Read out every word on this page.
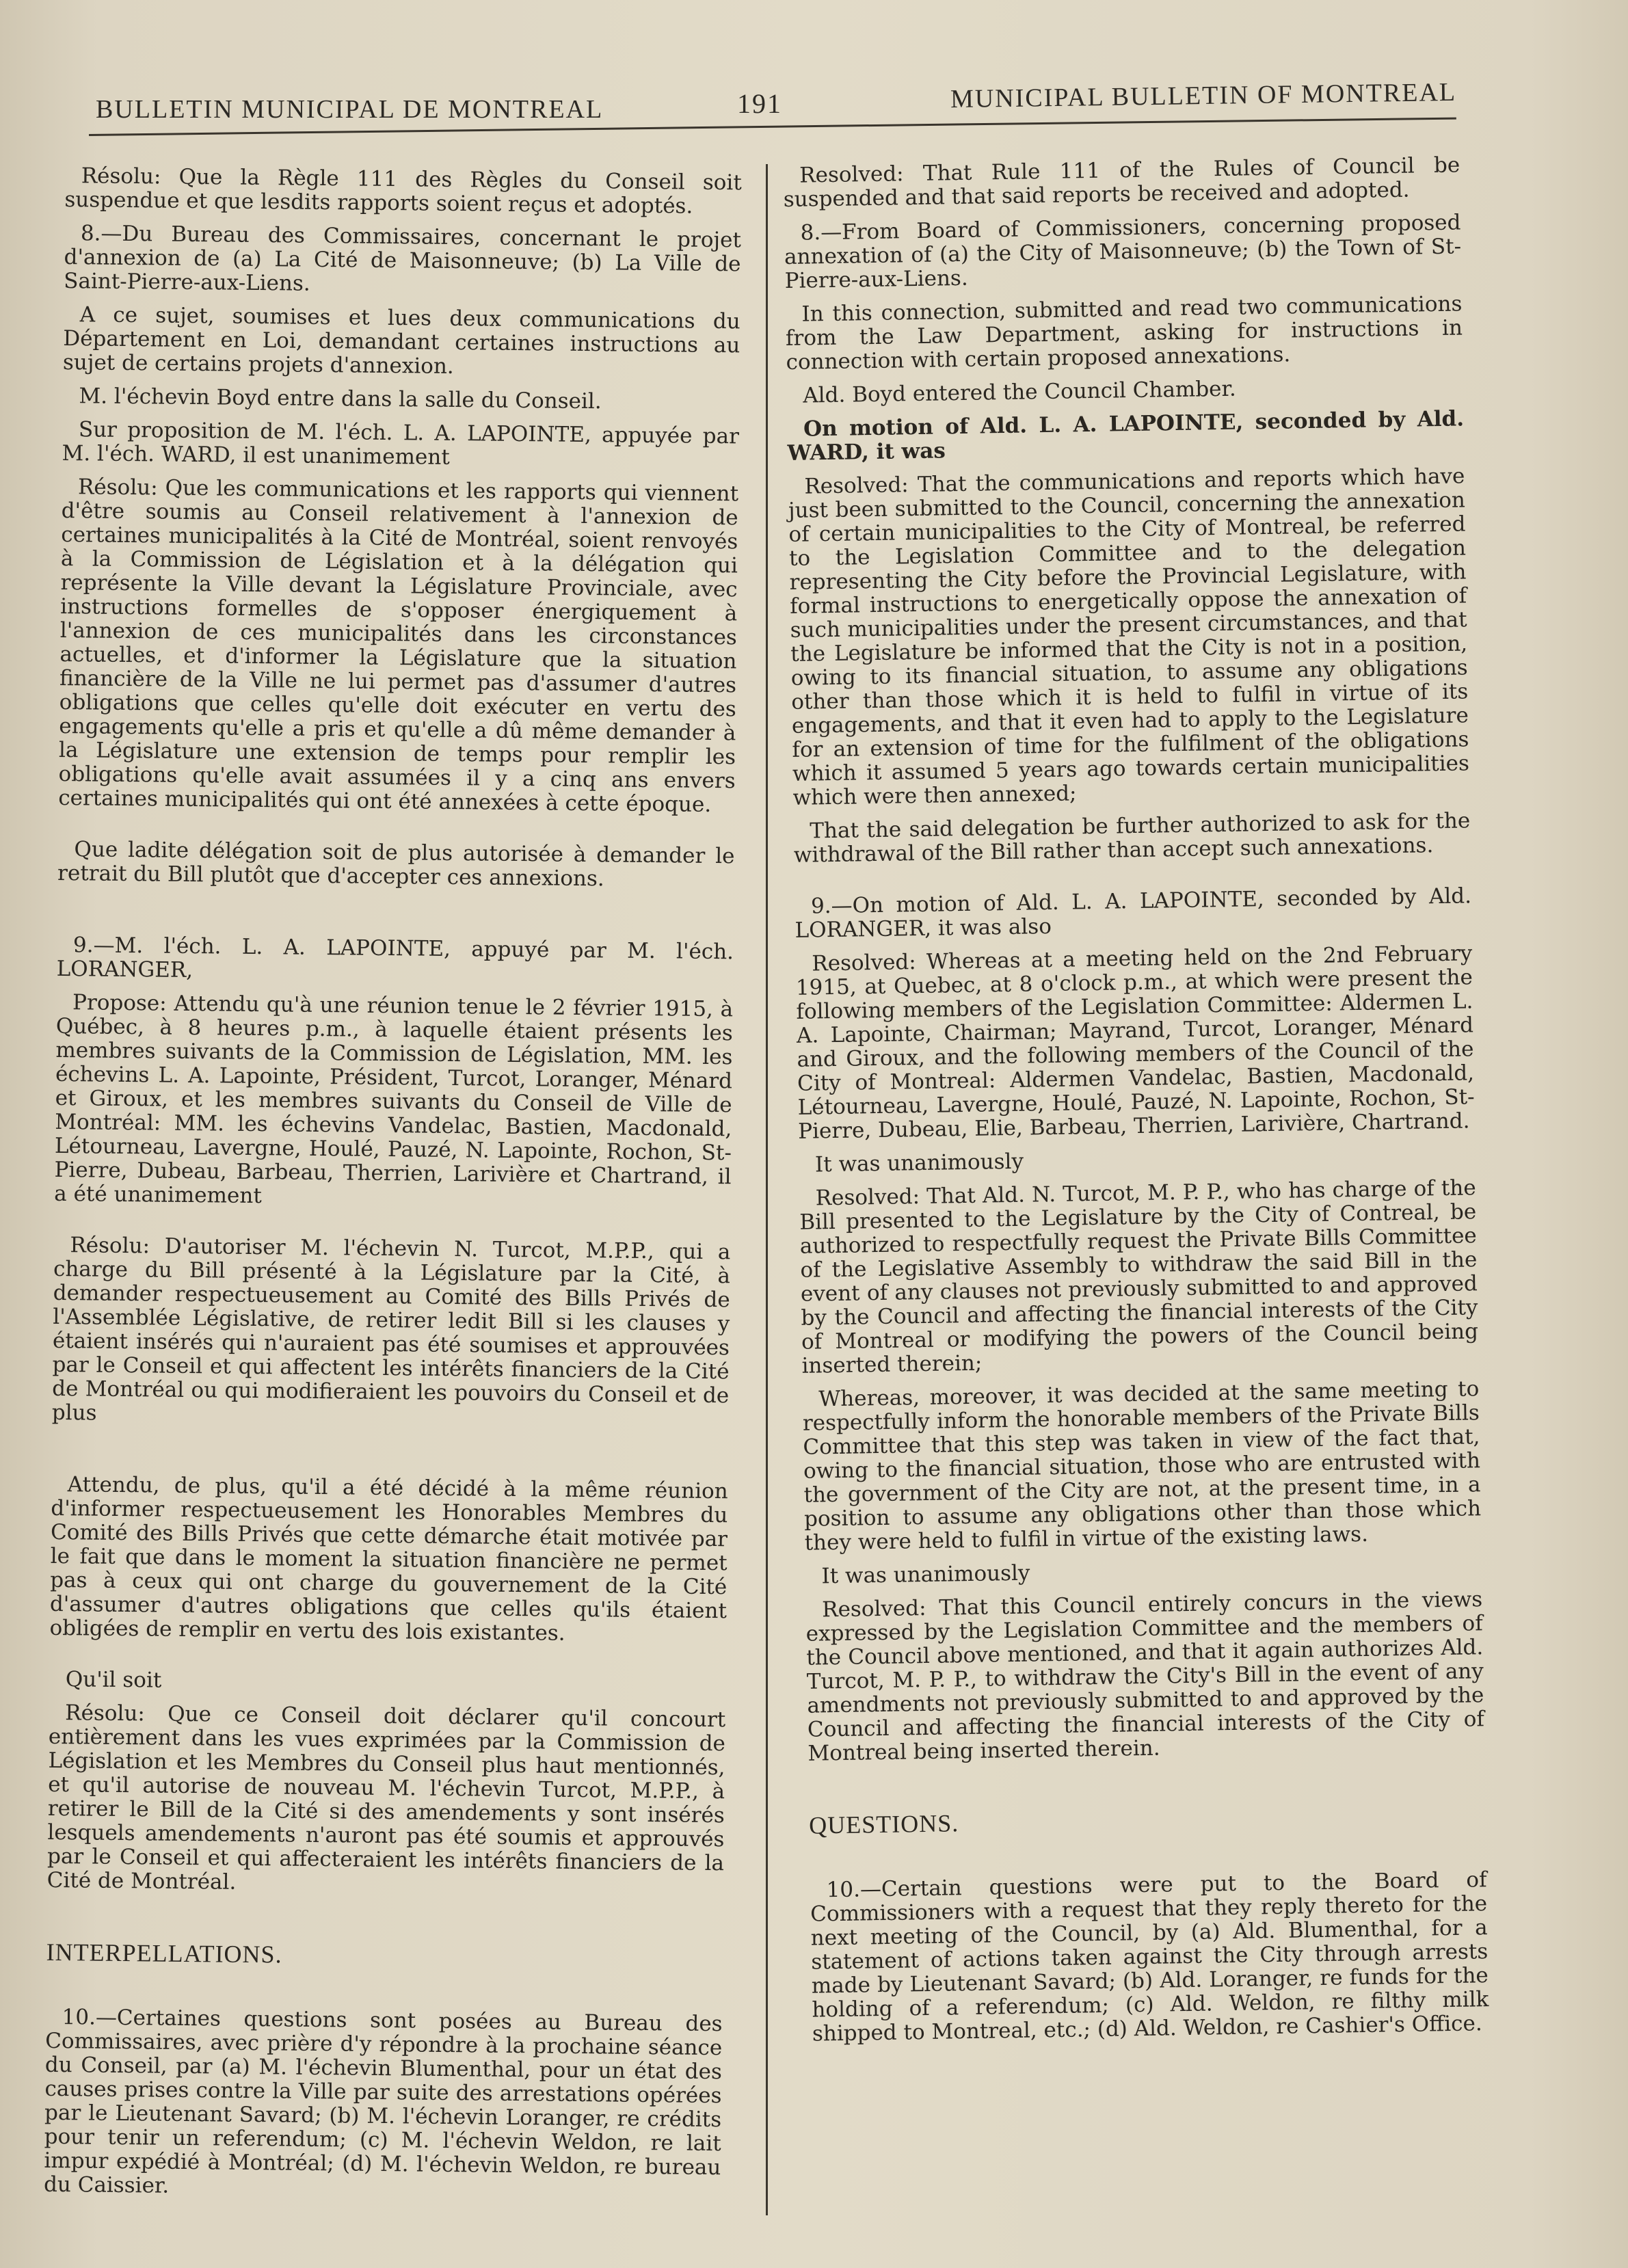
BULLETIN MUNICIPAL DE MONTREAL	191	MUNICIPAL BULLETIN OF MONTREAL

Résolu: Que la Règle 111 des Règles du Conseil soit suspendue et que lesdits rapports soient reçus et adoptés.

8.—Du Bureau des Commissaires, concernant le projet d'annexion de (a) La Cité de Maisonneuve; (b) La Ville de Saint-Pierre-aux-Liens.

A ce sujet, soumises et lues deux communications du Département en Loi, demandant certaines instructions au sujet de certains projets d'annexion.

M. l'échevin Boyd entre dans la salle du Conseil.

Sur proposition de M. l'éch. L. A. LAPOINTE, appuyée par M. l'éch. WARD, il est unanimement

Résolu: Que les communications et les rapports qui viennent d'être soumis au Conseil relativement à l'annexion de certaines municipalités à la Cité de Montréal, soient renvoyés à la Commission de Législation et à la délégation qui représente la Ville devant la Législature Provinciale, avec instructions formelles de s'opposer énergiquement à l'annexion de ces municipalités dans les circonstances actuelles, et d'informer la Législature que la situation financière de la Ville ne lui permet pas d'assumer d'autres obligations que celles qu'elle doit exécuter en vertu des engagements qu'elle a pris et qu'elle a dû même demander à la Législature une extension de temps pour remplir les obligations qu'elle avait assumées il y a cinq ans envers certaines municipalités qui ont été annexées à cette époque.

Que ladite délégation soit de plus autorisée à demander le retrait du Bill plutôt que d'accepter ces annexions.

9.—M. l'éch. L. A. LAPOINTE, appuyé par M. l'éch. LORANGER,

Propose: Attendu qu'à une réunion tenue le 2 février 1915, à Québec, à 8 heures p.m., à laquelle étaient présents les membres suivants de la Commission de Législation, MM. les échevins L. A. Lapointe, Président, Turcot, Loranger, Ménard et Giroux, et les membres suivants du Conseil de Ville de Montréal: MM. les échevins Vandelac, Bastien, Macdonald, Létourneau, Lavergne, Houlé, Pauzé, N. Lapointe, Rochon, St-Pierre, Dubeau, Barbeau, Therrien, Larivière et Chartrand, il a été unanimement

Résolu: D'autoriser M. l'échevin N. Turcot, M.P.P., qui a charge du Bill présenté à la Législature par la Cité, à demander respectueusement au Comité des Bills Privés de l'Assemblée Législative, de retirer ledit Bill si les clauses y étaient insérés qui n'auraient pas été soumises et approuvées par le Conseil et qui affectent les intérêts financiers de la Cité de Montréal ou qui modifieraient les pouvoirs du Conseil et de plus

Attendu, de plus, qu'il a été décidé à la même réunion d'informer respectueusement les Honorables Membres du Comité des Bills Privés que cette démarche était motivée par le fait que dans le moment la situation financière ne permet pas à ceux qui ont charge du gouvernement de la Cité d'assumer d'autres obligations que celles qu'ils étaient obligées de remplir en vertu des lois existantes.

Qu'il soit

Résolu: Que ce Conseil doit déclarer qu'il concourt entièrement dans les vues exprimées par la Commission de Législation et les Membres du Conseil plus haut mentionnés, et qu'il autorise de nouveau M. l'échevin Turcot, M.P.P., à retirer le Bill de la Cité si des amendements y sont insérés lesquels amendements n'auront pas été soumis et approuvés par le Conseil et qui affecteraient les intérêts financiers de la Cité de Montréal.

INTERPELLATIONS.

10.—Certaines questions sont posées au Bureau des Commissaires, avec prière d'y répondre à la prochaine séance du Conseil, par (a) M. l'échevin Blumenthal, pour un état des causes prises contre la Ville par suite des arrestations opérées par le Lieutenant Savard; (b) M. l'échevin Loranger, re crédits pour tenir un referendum; (c) M. l'échevin Weldon, re lait impur expédié à Montréal; (d) M. l'échevin Weldon, re bureau du Caissier.

Resolved: That Rule 111 of the Rules of Council be suspended and that said reports be received and adopted.

8.—From Board of Commissioners, concerning proposed annexation of (a) the City of Maisonneuve; (b) the Town of St-Pierre-aux-Liens.

In this connection, submitted and read two communications from the Law Department, asking for instructions in connection with certain proposed annexations.

Ald. Boyd entered the Council Chamber.

On motion of Ald. L. A. LAPOINTE, seconded by Ald. WARD, it was

Resolved: That the communications and reports which have just been submitted to the Council, concerning the annexation of certain municipalities to the City of Montreal, be referred to the Legislation Committee and to the delegation representing the City before the Provincial Legislature, with formal instructions to energetically oppose the annexation of such municipalities under the present circumstances, and that the Legislature be informed that the City is not in a position, owing to its financial situation, to assume any obligations other than those which it is held to fulfil in virtue of its engagements, and that it even had to apply to the Legislature for an extension of time for the fulfilment of the obligations which it assumed 5 years ago towards certain municipalities which were then annexed;

That the said delegation be further authorized to ask for the withdrawal of the Bill rather than accept such annexations.

9.—On motion of Ald. L. A. LAPOINTE, seconded by Ald. LORANGER, it was also

Resolved: Whereas at a meeting held on the 2nd February 1915, at Quebec, at 8 o'clock p.m., at which were present the following members of the Legislation Committee: Aldermen L. A. Lapointe, Chairman; Mayrand, Turcot, Loranger, Ménard and Giroux, and the following members of the Council of the City of Montreal: Aldermen Vandelac, Bastien, Macdonald, Létourneau, Lavergne, Houlé, Pauzé, N. Lapointe, Rochon, St-Pierre, Dubeau, Elie, Barbeau, Therrien, Larivière, Chartrand.

It was unanimously

Resolved: That Ald. N. Turcot, M. P. P., who has charge of the Bill presented to the Legislature by the City of Contreal, be authorized to respectfully request the Private Bills Committee of the Legislative Assembly to withdraw the said Bill in the event of any clauses not previously submitted to and approved by the Council and affecting the financial interests of the City of Montreal or modifying the powers of the Council being inserted therein;

Whereas, moreover, it was decided at the same meeting to respectfully inform the honorable members of the Private Bills Committee that this step was taken in view of the fact that, owing to the financial situation, those who are entrusted with the government of the City are not, at the present time, in a position to assume any obligations other than those which they were held to fulfil in virtue of the existing laws.

It was unanimously

Resolved: That this Council entirely concurs in the views expressed by the Legislation Committee and the members of the Council above mentioned, and that it again authorizes Ald. Turcot, M. P. P., to withdraw the City's Bill in the event of any amendments not previously submitted to and approved by the Council and affecting the financial interests of the City of Montreal being inserted therein.

QUESTIONS.

10.—Certain questions were put to the Board of Commissioners with a request that they reply thereto for the next meeting of the Council, by (a) Ald. Blumenthal, for a statement of actions taken against the City through arrests made by Lieutenant Savard; (b) Ald. Loranger, re funds for the holding of a referendum; (c) Ald. Weldon, re filthy milk shipped to Montreal, etc.; (d) Ald. Weldon, re Cashier's Office.
